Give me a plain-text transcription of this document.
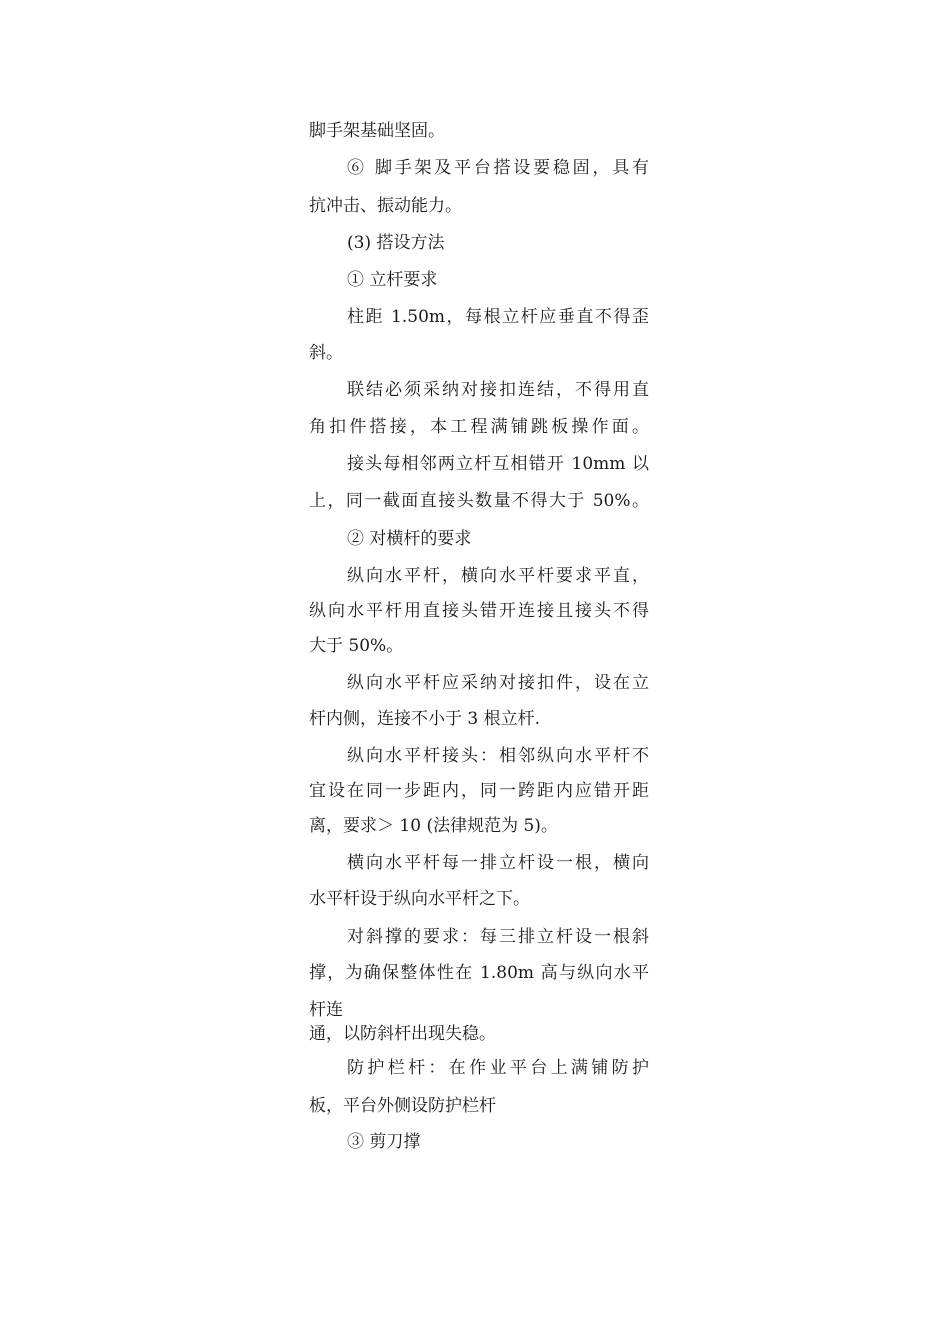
脚手架基础坚固。
⑥ 脚手架及平台搭设要稳固，具有
抗冲击、振动能力。
(3) 搭设方法
① 立杆要求
柱距 1.50m，每根立杆应垂直不得歪
斜。
联结必须采纳对接扣连结，不得用直
角扣件搭接，本工程满铺跳板操作面。
接头每相邻两立杆互相错开 10mm 以
上，同一截面直接头数量不得大于 50%。
② 对横杆的要求
纵向水平杆，横向水平杆要求平直，
纵向水平杆用直接头错开连接且接头不得
大于 50%。
纵向水平杆应采纳对接扣件，设在立
杆内侧，连接不小于 3 根立杆.
纵向水平杆接头：相邻纵向水平杆不
宜设在同一步距内，同一跨距内应错开距
离，要求＞ 10 (法律规范为 5)。
横向水平杆每一排立杆设一根，横向
水平杆设于纵向水平杆之下。
对斜撑的要求：每三排立杆设一根斜
撑，为确保整体性在 1.80m 高与纵向水平
杆连
通，以防斜杆出现失稳。
防护栏杆：在作业平台上满铺防护
板，平台外侧设防护栏杆
③ 剪刀撑
